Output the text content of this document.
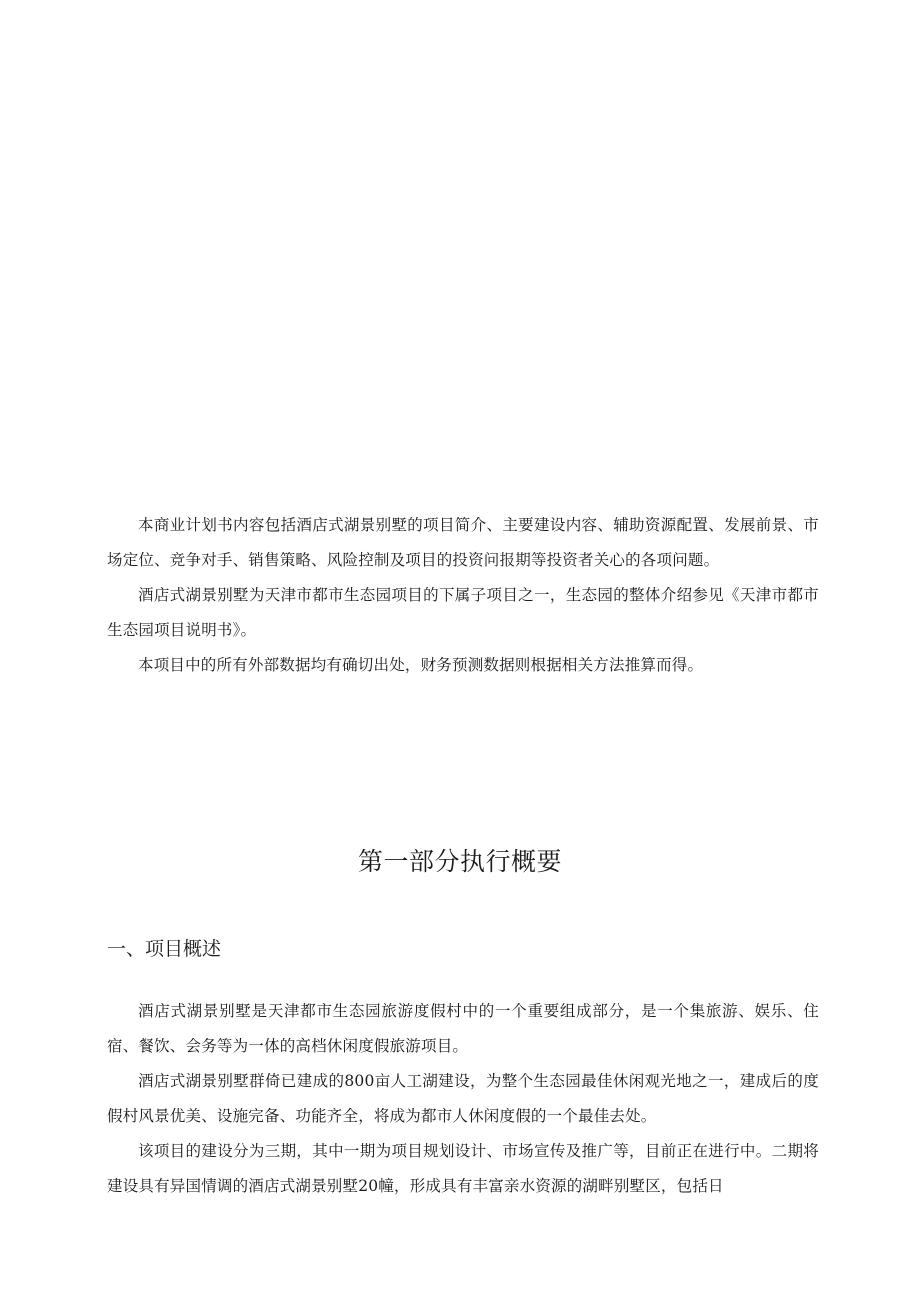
本商业计划书内容包括酒店式湖景别墅的项目简介、主要建设内容、辅助资源配置、发展前景、市场定位、竞争对手、销售策略、风险控制及项目的投资问报期等投资者关心的各项问题。

酒店式湖景别墅为天津市都市生态园项目的下属子项目之一，生态园的整体介绍参见《天津市都市生态园项目说明书》。

本项目中的所有外部数据均有确切出处，财务预测数据则根据相关方法推算而得。

第一部分执行概要
一、项目概述

酒店式湖景别墅是天津都市生态园旅游度假村中的一个重要组成部分，是一个集旅游、娱乐、住宿、餐饮、会务等为一体的高档休闲度假旅游项目。

酒店式湖景别墅群倚已建成的800亩人工湖建设，为整个生态园最佳休闲观光地之一，建成后的度假村风景优美、设施完备、功能齐全，将成为都市人休闲度假的一个最佳去处。

该项目的建设分为三期，其中一期为项目规划设计、市场宣传及推广等，目前正在进行中。二期将建设具有异国情调的酒店式湖景别墅20幢，形成具有丰富亲水资源的湖畔别墅区，包括日
